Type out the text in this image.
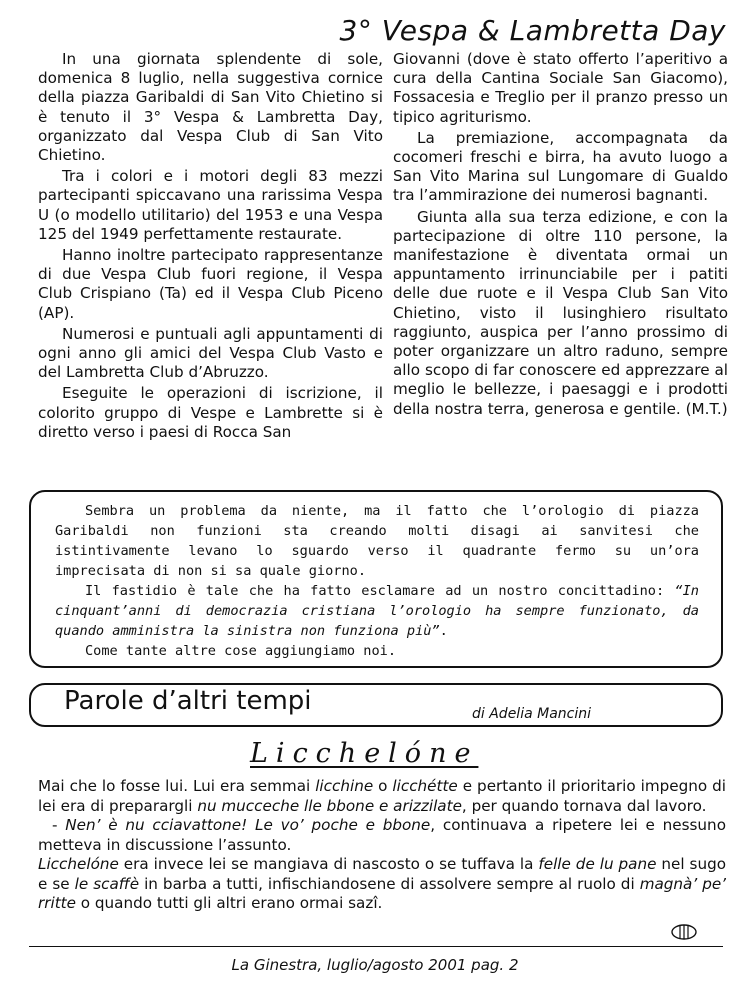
3° Vespa & Lambretta Day

In una giornata splendente di sole, domenica 8 luglio, nella suggestiva cornice della piazza Garibaldi di San Vito Chietino si è tenuto il 3° Vespa & Lambretta Day, organizzato dal Vespa Club di San Vito Chietino.

Tra i colori e i motori degli 83 mezzi partecipanti spiccavano una rarissima Vespa U (o modello utilitario) del 1953 e una Vespa 125 del 1949 perfettamente restaurate.

Hanno inoltre partecipato rappresentanze di due Vespa Club fuori regione, il Vespa Club Crispiano (Ta) ed il Vespa Club Piceno (AP).

Numerosi e puntuali agli appuntamenti di ogni anno gli amici del Vespa Club Vasto e del Lambretta Club d’Abruzzo.

Eseguite le operazioni di iscrizione, il colorito gruppo di Vespe e Lambrette si è diretto verso i paesi di Rocca San

Giovanni (dove è stato offerto l’aperitivo a cura della Cantina Sociale San Giacomo), Fossacesia e Treglio per il pranzo presso un tipico agriturismo.

La premiazione, accompagnata da cocomeri freschi e birra, ha avuto luogo a San Vito Marina sul Lungomare di Gualdo tra l’ammirazione dei numerosi bagnanti.

Giunta alla sua terza edizione, e con la partecipazione di oltre 110 persone, la manifestazione è diventata ormai un appuntamento irrinunciabile per i patiti delle due ruote e il Vespa Club San Vito Chietino, visto il lusinghiero risultato raggiunto, auspica per l’anno prossimo di poter organizzare un altro raduno, sempre allo scopo di far conoscere ed apprezzare al meglio le bellezze, i paesaggi e i prodotti della nostra terra, generosa e gentile. (M.T.)

Sembra un problema da niente, ma il fatto che l’orologio di piazza Garibaldi non funzioni sta creando molti disagi ai sanvitesi che istintivamente levano lo sguardo verso il quadrante fermo su un’ora imprecisata di non si sa quale giorno.

Il fastidio è tale che ha fatto esclamare ad un nostro concittadino: “In cinquant’anni di democrazia cristiana l’orologio ha sempre funzionato, da quando amministra la sinistra non funziona più”.

Come tante altre cose aggiungiamo noi.

Parole d’altri tempi	di Adelia Mancini
Licchelóne

Mai che lo fosse lui. Lui era semmai licchine o licchétte e pertanto il prioritario impegno di lei era di preparargli nu mucceche lle bbone e arizzilate, per quando tornava dal lavoro.

- Nen’ è nu cciavattone! Le vo’ poche e bbone, continuava a ripetere lei e nessuno metteva in discussione l’assunto.

Licchelóne era invece lei se mangiava di nascosto o se tuffava la felle de lu pane nel sugo e se le scaffè in barba a tutti, infischiandosene di assolvere sempre al ruolo di magnà’ pe’ rritte o quando tutti gli altri erano ormai sazî.

La Ginestra, luglio/agosto 2001 pag. 2
